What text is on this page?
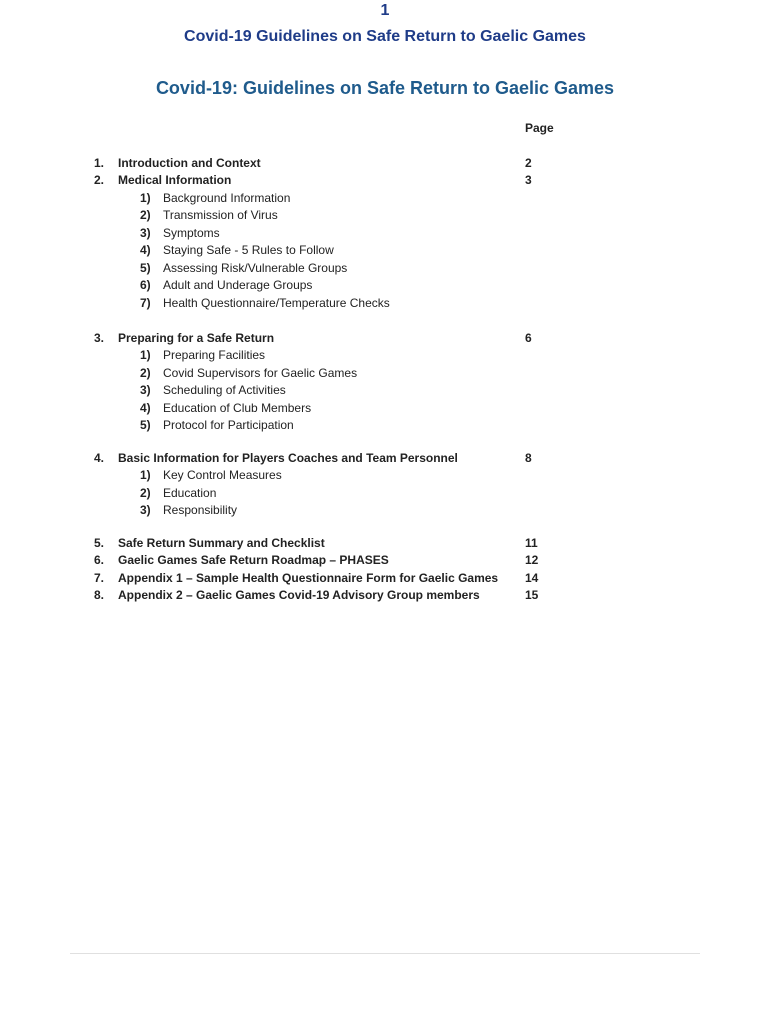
1
Covid-19 Guidelines on Safe Return to Gaelic Games
Covid-19: Guidelines on Safe Return to Gaelic Games
Page
1. Introduction and Context	2
2. Medical Information	3
1) Background Information
2) Transmission of Virus
3) Symptoms
4) Staying Safe - 5 Rules to Follow
5) Assessing Risk/Vulnerable Groups
6) Adult and Underage Groups
7) Health Questionnaire/Temperature Checks
3. Preparing for a Safe Return	6
1) Preparing Facilities
2) Covid Supervisors for Gaelic Games
3) Scheduling of Activities
4) Education of Club Members
5) Protocol for Participation
4. Basic Information for Players Coaches and Team Personnel	8
1) Key Control Measures
2) Education
3) Responsibility
5. Safe Return Summary and Checklist	11
6. Gaelic Games Safe Return Roadmap – PHASES	12
7. Appendix 1 – Sample Health Questionnaire Form for Gaelic Games 14
8. Appendix 2 – Gaelic Games Covid-19 Advisory Group members	15
